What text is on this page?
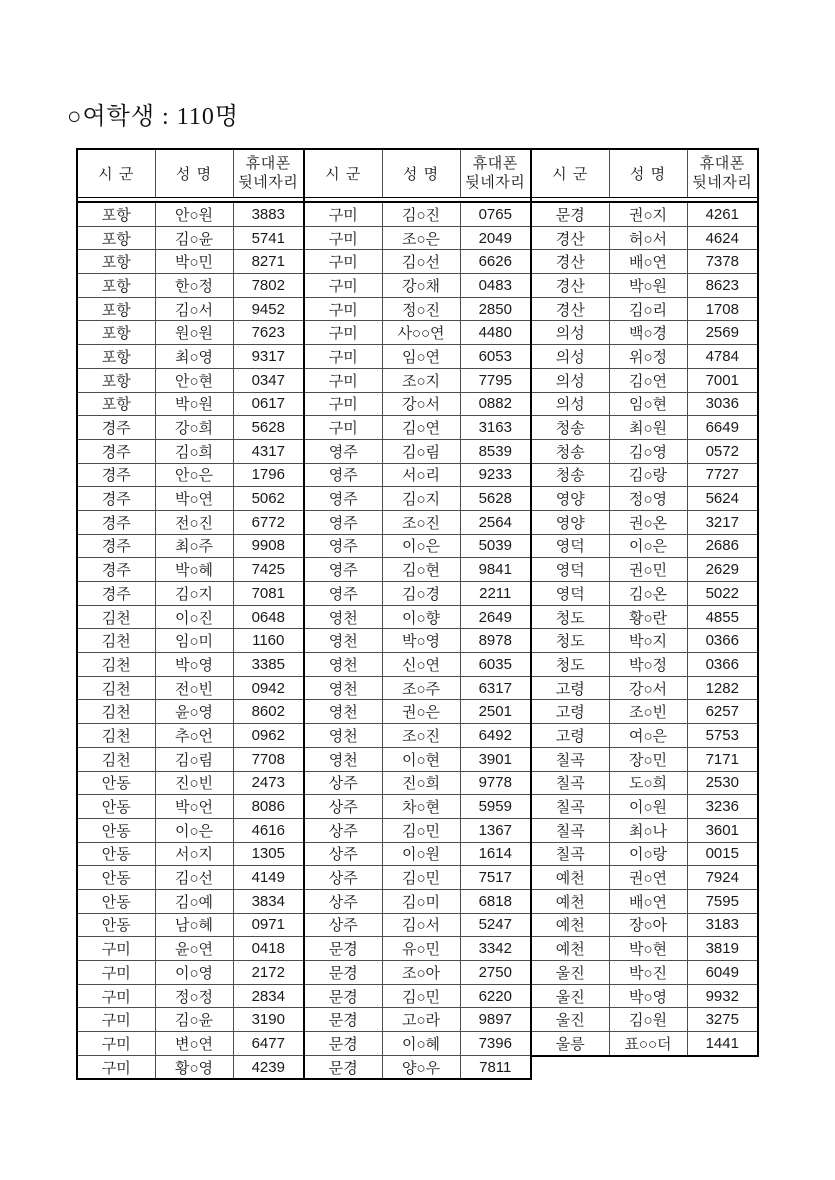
○여학생 : 110명
시 군	성 명	휴대폰
뒷네자리

포항	안○원	3883
포항	김○윤	5741
포항	박○민	8271
포항	한○정	7802
포항	김○서	9452
포항	원○원	7623
포항	최○영	9317
포항	안○현	0347
포항	박○원	0617
경주	강○희	5628
경주	김○희	4317
경주	안○은	1796
경주	박○연	5062
경주	전○진	6772
경주	최○주	9908
경주	박○혜	7425
경주	김○지	7081
김천	이○진	0648
김천	임○미	1160
김천	박○영	3385
김천	전○빈	0942
김천	윤○영	8602
김천	추○언	0962
김천	김○림	7708
안동	진○빈	2473
안동	박○언	8086
안동	이○은	4616
안동	서○지	1305
안동	김○선	4149
안동	김○예	3834
안동	남○혜	0971
구미	윤○연	0418
구미	이○영	2172
구미	정○정	2834
구미	김○윤	3190
구미	변○연	6477
구미	황○영	4239
시 군	성 명	휴대폰
뒷네자리

구미	김○진	0765
구미	조○은	2049
구미	김○선	6626
구미	강○채	0483
구미	정○진	2850
구미	사○○연	4480
구미	임○연	6053
구미	조○지	7795
구미	강○서	0882
구미	김○연	3163
영주	김○림	8539
영주	서○리	9233
영주	김○지	5628
영주	조○진	2564
영주	이○은	5039
영주	김○현	9841
영주	김○경	2211
영천	이○향	2649
영천	박○영	8978
영천	신○연	6035
영천	조○주	6317
영천	권○은	2501
영천	조○진	6492
영천	이○현	3901
상주	진○희	9778
상주	차○현	5959
상주	김○민	1367
상주	이○원	1614
상주	김○민	7517
상주	김○미	6818
상주	김○서	5247
문경	유○민	3342
문경	조○아	2750
문경	김○민	6220
문경	고○라	9897
문경	이○혜	7396
문경	양○우	7811
시 군	성 명	휴대폰
뒷네자리

문경	권○지	4261
경산	허○서	4624
경산	배○연	7378
경산	박○원	8623
경산	김○리	1708
의성	백○경	2569
의성	위○정	4784
의성	김○연	7001
의성	임○현	3036
청송	최○원	6649
청송	김○영	0572
청송	김○랑	7727
영양	정○영	5624
영양	권○온	3217
영덕	이○은	2686
영덕	권○민	2629
영덕	김○온	5022
청도	황○란	4855
청도	박○지	0366
청도	박○정	0366
고령	강○서	1282
고령	조○빈	6257
고령	여○은	5753
칠곡	장○민	7171
칠곡	도○희	2530
칠곡	이○원	3236
칠곡	최○나	3601
칠곡	이○랑	0015
예천	권○연	7924
예천	배○연	7595
예천	장○아	3183
예천	박○현	3819
울진	박○진	6049
울진	박○영	9932
울진	김○원	3275
울릉	표○○더	1441
